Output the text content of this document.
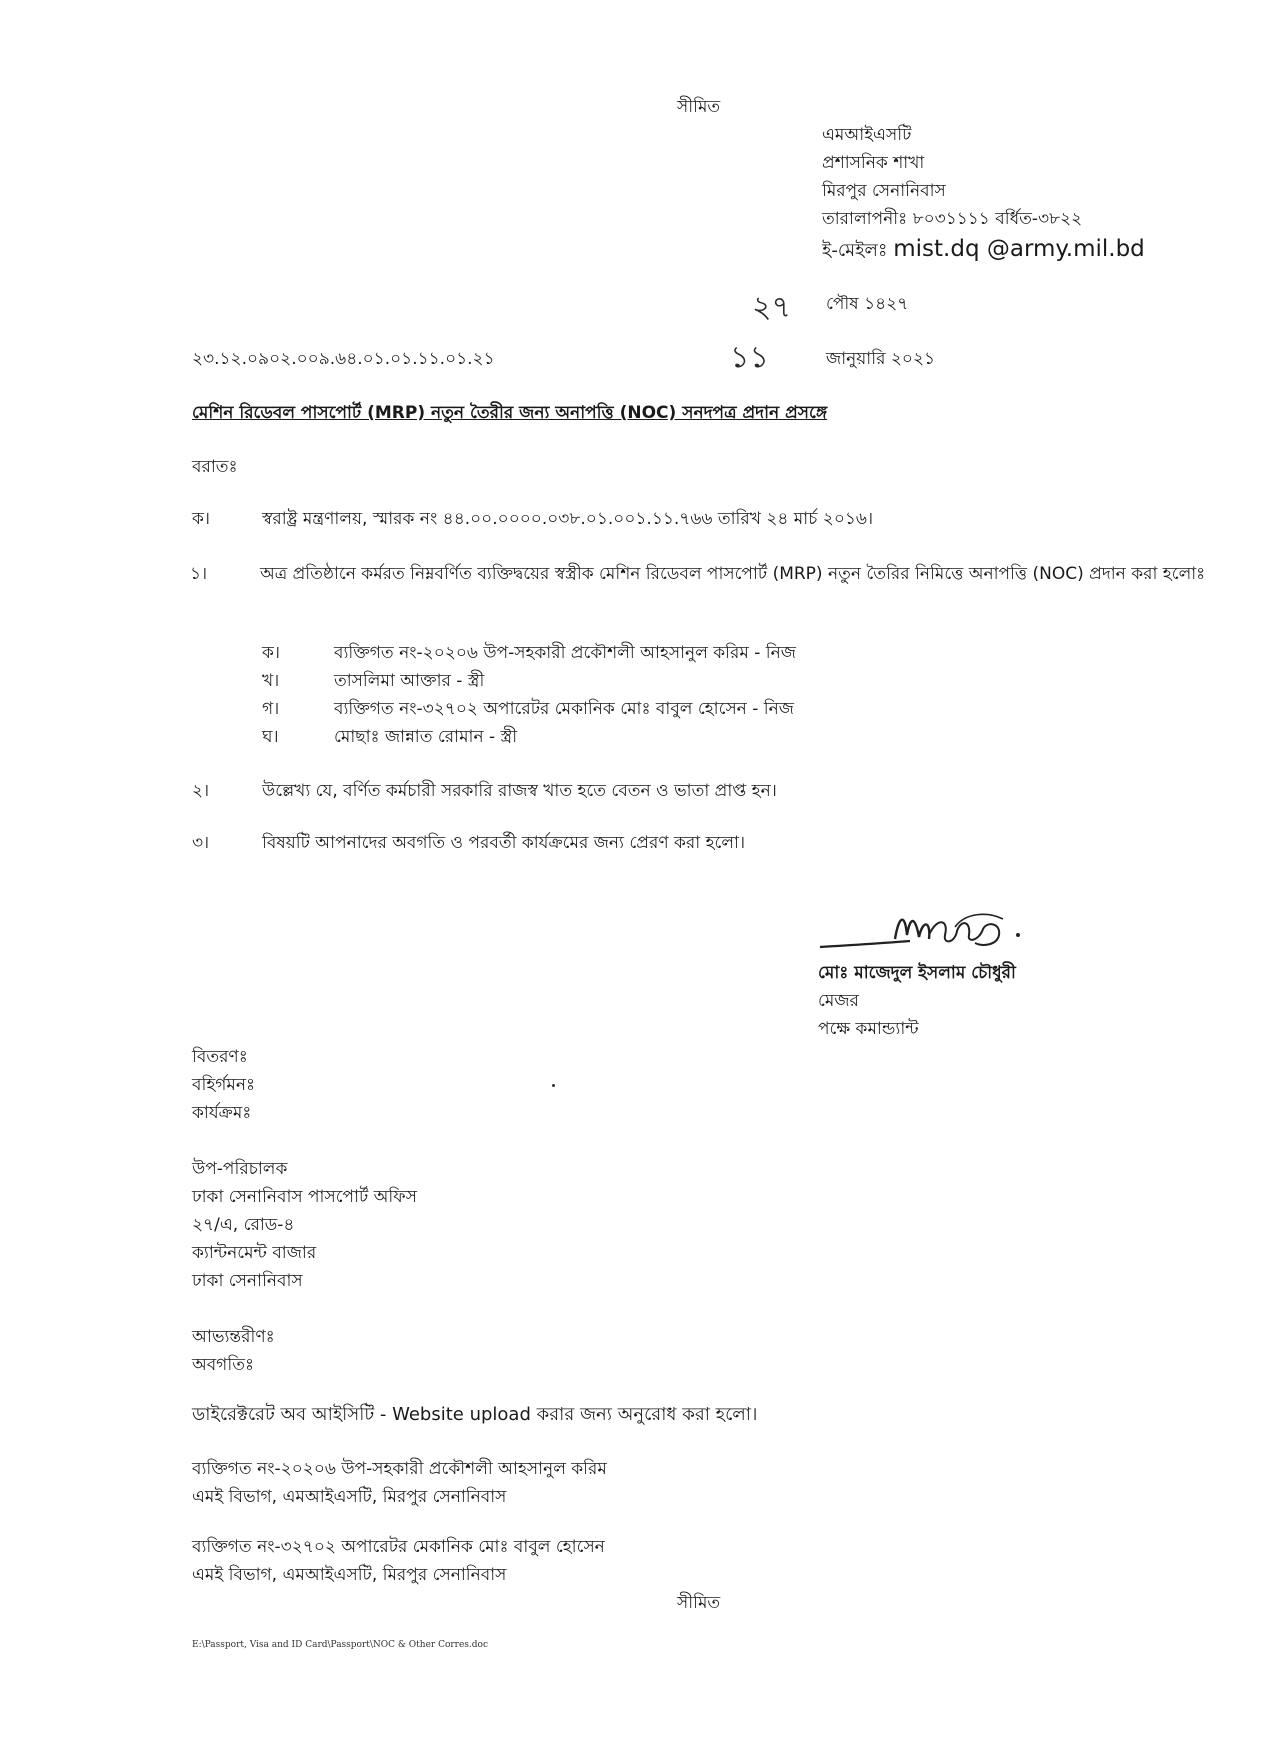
সীমিত
এমআইএসটি
প্রশাসনিক শাখা
মিরপুর সেনানিবাস
তারালাপনীঃ ৮০৩১১১১ বর্ধিত-৩৮২২
ই-মেইলঃ mist.dq @army.mil.bd
২৭ পৌষ ১৪২৭
২৩.১২.০৯০২.০০৯.৬৪.০১.০১.১১.০১.২১	১১	জানুয়ারি ২০২১
মেশিন রিডেবল পাসপোর্ট (MRP) নতুন তৈরীর জন্য অনাপত্তি (NOC) সনদপত্র প্রদান প্রসঙ্গে
বরাতঃ
ক।	স্বরাষ্ট্র মন্ত্রণালয়, স্মারক নং ৪৪.০০.০০০০.০৩৮.০১.০০১.১১.৭৬৬ তারিখ ২৪ মার্চ ২০১৬।
১।	অত্র প্রতিষ্ঠানে কর্মরত নিম্নবর্ণিত ব্যক্তিদ্বয়ের স্বস্ত্রীক মেশিন রিডেবল পাসপোর্ট (MRP) নতুন তৈরির নিমিত্তে অনাপত্তি (NOC) প্রদান করা হলোঃ
ক।	ব্যক্তিগত নং-২০২০৬ উপ-সহকারী প্রকৌশলী আহসানুল করিম - নিজ
খ।	তাসলিমা আক্তার - স্ত্রী
গ।	ব্যক্তিগত নং-৩২৭০২ অপারেটর মেকানিক মোঃ বাবুল হোসেন - নিজ
ঘ।	মোছাঃ জান্নাত রোমান - স্ত্রী
২।	উল্লেখ্য যে, বর্ণিত কর্মচারী সরকারি রাজস্ব খাত হতে বেতন ও ভাতা প্রাপ্ত হন।
৩।	বিষয়টি আপনাদের অবগতি ও পরবর্তী কার্যক্রমের জন্য প্রেরণ করা হলো।
মোঃ মাজেদুল ইসলাম চৌধুরী
মেজর
পক্ষে কমান্ড্যান্ট
বিতরণঃ
বহির্গমনঃ
কার্যক্রমঃ
উপ-পরিচালক
ঢাকা সেনানিবাস পাসপোর্ট অফিস
২৭/এ, রোড-৪
ক্যান্টনমেন্ট বাজার
ঢাকা সেনানিবাস
আভ্যন্তরীণঃ
অবগতিঃ
ডাইরেক্টরেট অব আইসিটি - Website upload করার জন্য অনুরোধ করা হলো।
ব্যক্তিগত নং-২০২০৬ উপ-সহকারী প্রকৌশলী আহসানুল করিম
এমই বিভাগ, এমআইএসটি, মিরপুর সেনানিবাস
ব্যক্তিগত নং-৩২৭০২ অপারেটর মেকানিক মোঃ বাবুল হোসেন
এমই বিভাগ, এমআইএসটি, মিরপুর সেনানিবাস
সীমিত
E:\Passport, Visa and ID Card\Passport\NOC & Other Corres.doc
